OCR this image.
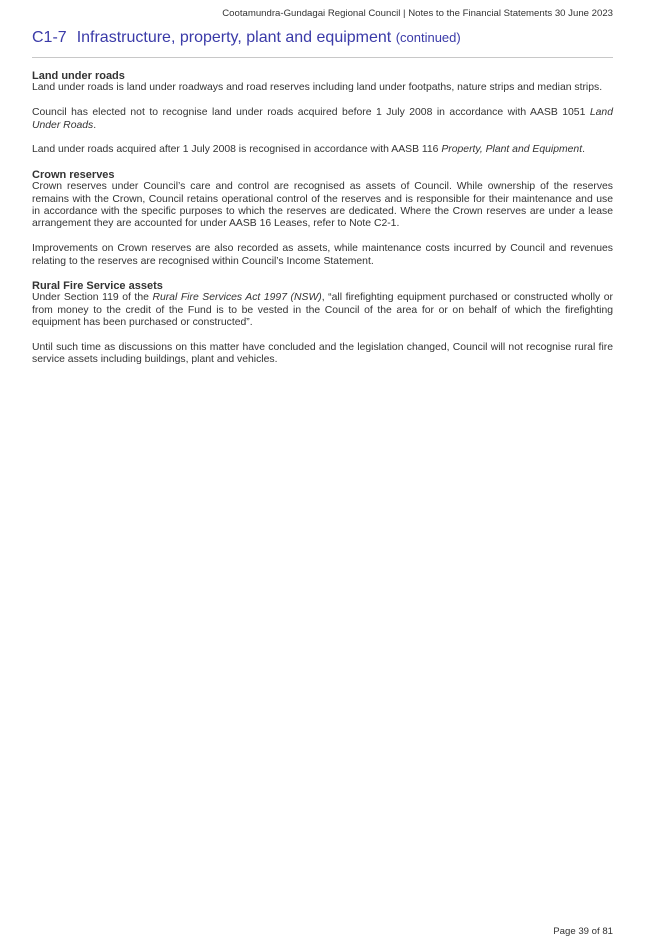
Cootamundra-Gundagai Regional Council | Notes to the Financial Statements 30 June 2023
C1-7 Infrastructure, property, plant and equipment (continued)
Land under roads

Land under roads is land under roadways and road reserves including land under footpaths, nature strips and median strips.

Council has elected not to recognise land under roads acquired before 1 July 2008 in accordance with AASB 1051 Land Under Roads.

Land under roads acquired after 1 July 2008 is recognised in accordance with AASB 116 Property, Plant and Equipment.

Crown reserves

Crown reserves under Council’s care and control are recognised as assets of Council. While ownership of the reserves remains with the Crown, Council retains operational control of the reserves and is responsible for their maintenance and use in accordance with the specific purposes to which the reserves are dedicated. Where the Crown reserves are under a lease arrangement they are accounted for under AASB 16 Leases, refer to Note C2-1.

Improvements on Crown reserves are also recorded as assets, while maintenance costs incurred by Council and revenues relating to the reserves are recognised within Council’s Income Statement.

Rural Fire Service assets

Under Section 119 of the Rural Fire Services Act 1997 (NSW), “all firefighting equipment purchased or constructed wholly or from money to the credit of the Fund is to be vested in the Council of the area for or on behalf of which the firefighting equipment has been purchased or constructed”.

Until such time as discussions on this matter have concluded and the legislation changed, Council will not recognise rural fire service assets including buildings, plant and vehicles.

Page 39 of 81
